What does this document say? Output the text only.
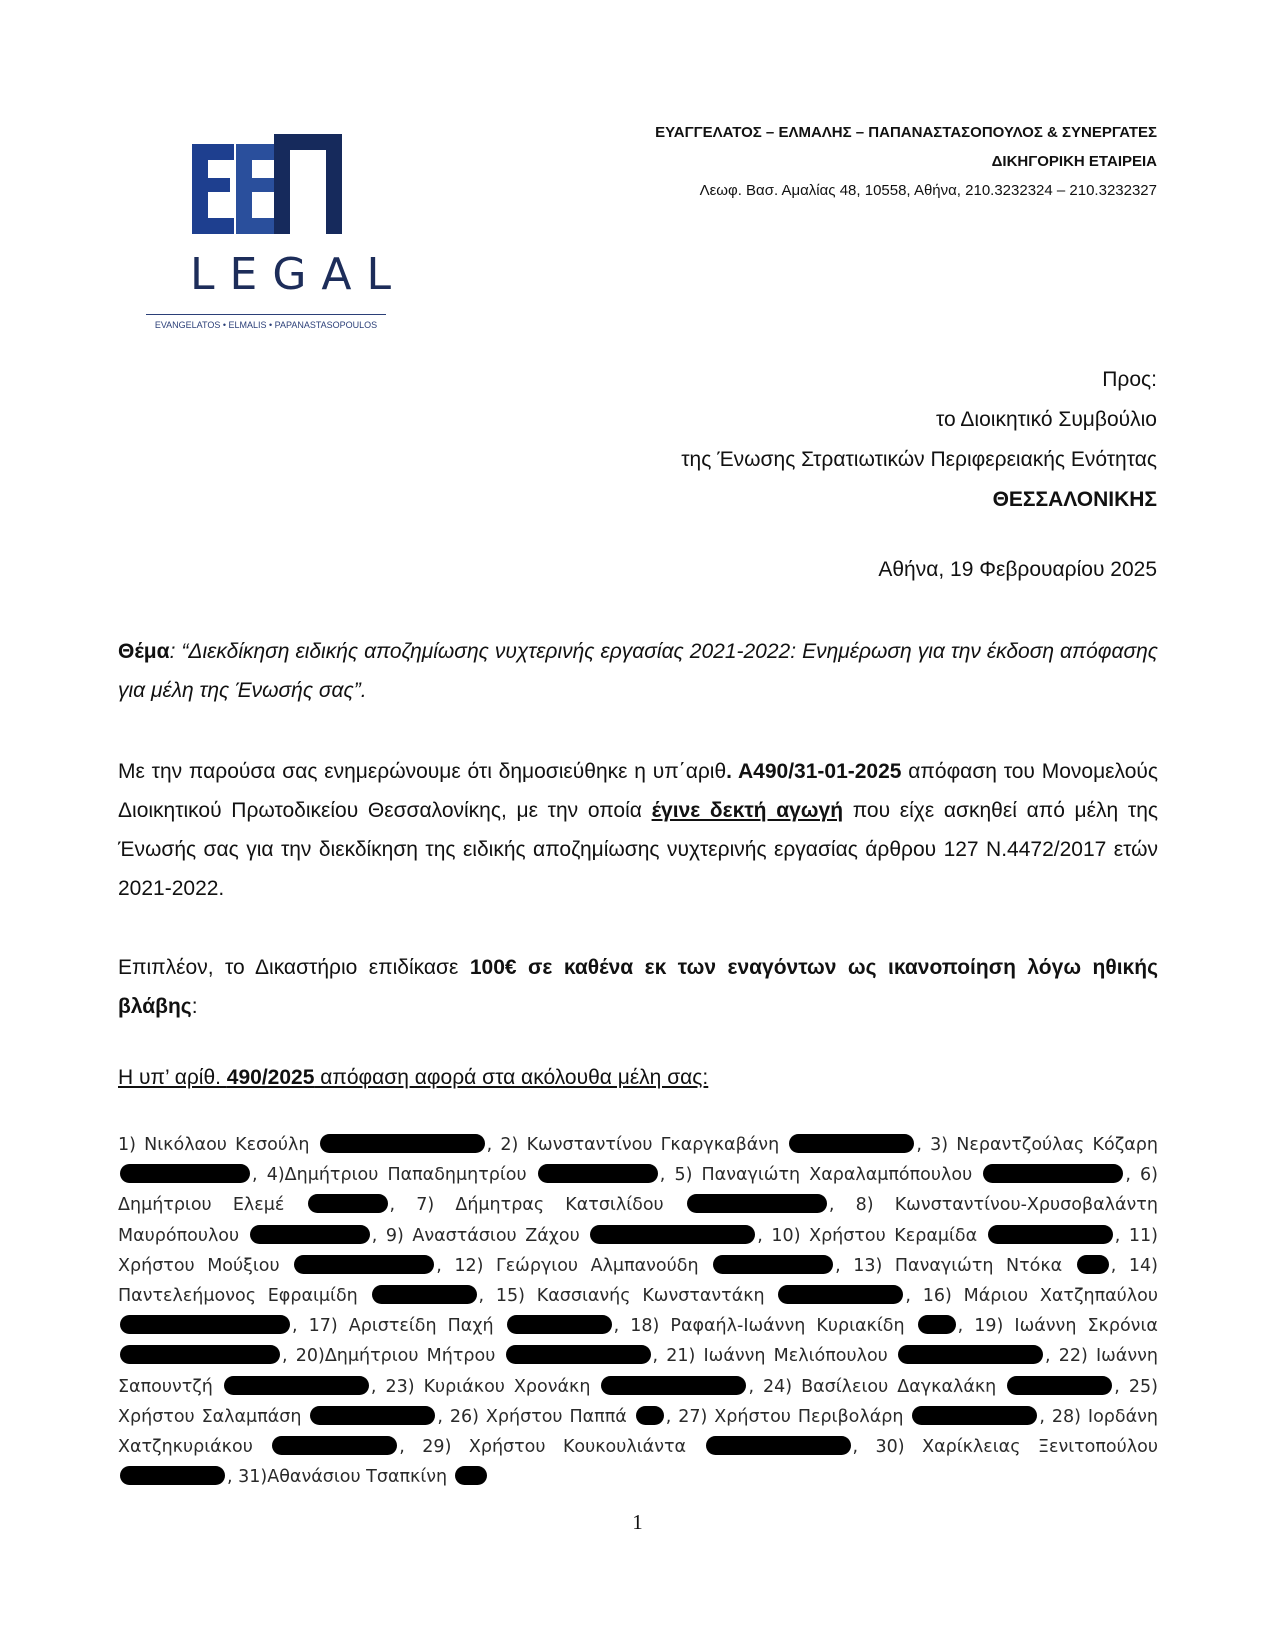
LEGAL
EVANGELATOS • ELMALIS • PAPANASTASOPOULOS
ΕΥΑΓΓΕΛΑΤΟΣ – ΕΛΜΑΛΗΣ – ΠΑΠΑΝΑΣΤΑΣΟΠΟΥΛΟΣ & ΣΥΝΕΡΓΑΤΕΣ
ΔΙΚΗΓΟΡΙΚΗ ΕΤΑΙΡΕΙΑ
Λεωφ. Βασ. Αμαλίας 48, 10558, Αθήνα, 210.3232324 – 210.3232327
Προς:
το Διοικητικό Συμβούλιο
της Ένωσης Στρατιωτικών Περιφερειακής Ενότητας
ΘΕΣΣΑΛΟΝΙΚΗΣ
Αθήνα, 19 Φεβρουαρίου 2025
Θέμα: “Διεκδίκηση ειδικής αποζημίωσης νυχτερινής εργασίας 2021-2022: Ενημέρωση για την έκδοση απόφασης για μέλη της Ένωσής σας”.
Με την παρούσα σας ενημερώνουμε ότι δημοσιεύθηκε η υπ΄αριθ. Α490/31-01-2025 απόφαση του Μονομελούς Διοικητικού Πρωτοδικείου Θεσσαλονίκης, με την οποία έγινε δεκτή αγωγή που είχε ασκηθεί από μέλη της Ένωσής σας για την διεκδίκηση της ειδικής αποζημίωσης νυχτερινής εργασίας άρθρου 127 Ν.4472/2017 ετών 2021-2022.
Επιπλέον, το Δικαστήριο επιδίκασε 100€ σε καθένα εκ των εναγόντων ως ικανοποίηση λόγω ηθικής βλάβης:
Η υπ’ αρίθ. 490/2025 απόφαση αφορά στα ακόλουθα μέλη σας:
1) Νικόλαου Κεσούλη	, 2) Κωνσταντίνου Γκαργκαβάνη	, 3) Νεραντζούλας Κόζαρη , 4)Δημήτριου Παπαδημητρίου	, 5) Παναγιώτη Χαραλαμπόπουλου	, 6) Δημήτριου Ελεμέ	, 7) Δήμητρας Κατσιλίδου	, 8) Κωνσταντίνου-Χρυσοβαλάντη Μαυρόπουλου	, 9) Αναστάσιου Ζάχου	, 10) Χρήστου Κεραμίδα	, 11) Χρήστου Μούξιου	, 12) Γεώργιου Αλμπανούδη	, 13) Παναγιώτη Ντόκα	, 14) Παντελεήμονος Εφραιμίδη	, 15) Κασσιανής Κωνσταντάκη	, 16) Μάριου Χατζηπαύλου , 17) Αριστείδη Παχή	, 18) Ραφαήλ-Ιωάννη Κυριακίδη	, 19) Ιωάννη Σκρόνια , 20)Δημήτριου Μήτρου	, 21) Ιωάννη Μελιόπουλου	, 22) Ιωάννη Σαπουντζή	, 23) Κυριάκου Χρονάκη	, 24) Βασίλειου Δαγκαλάκη	, 25) Χρήστου Σαλαμπάση	, 26) Χρήστου Παππά , 27) Χρήστου Περιβολάρη	, 28) Ιορδάνη Χατζηκυριάκου	, 29) Χρήστου Κουκουλιάντα	, 30) Χαρίκλειας Ξενιτοπούλου , 31)Αθανάσιου Τσαπκίνη
1
